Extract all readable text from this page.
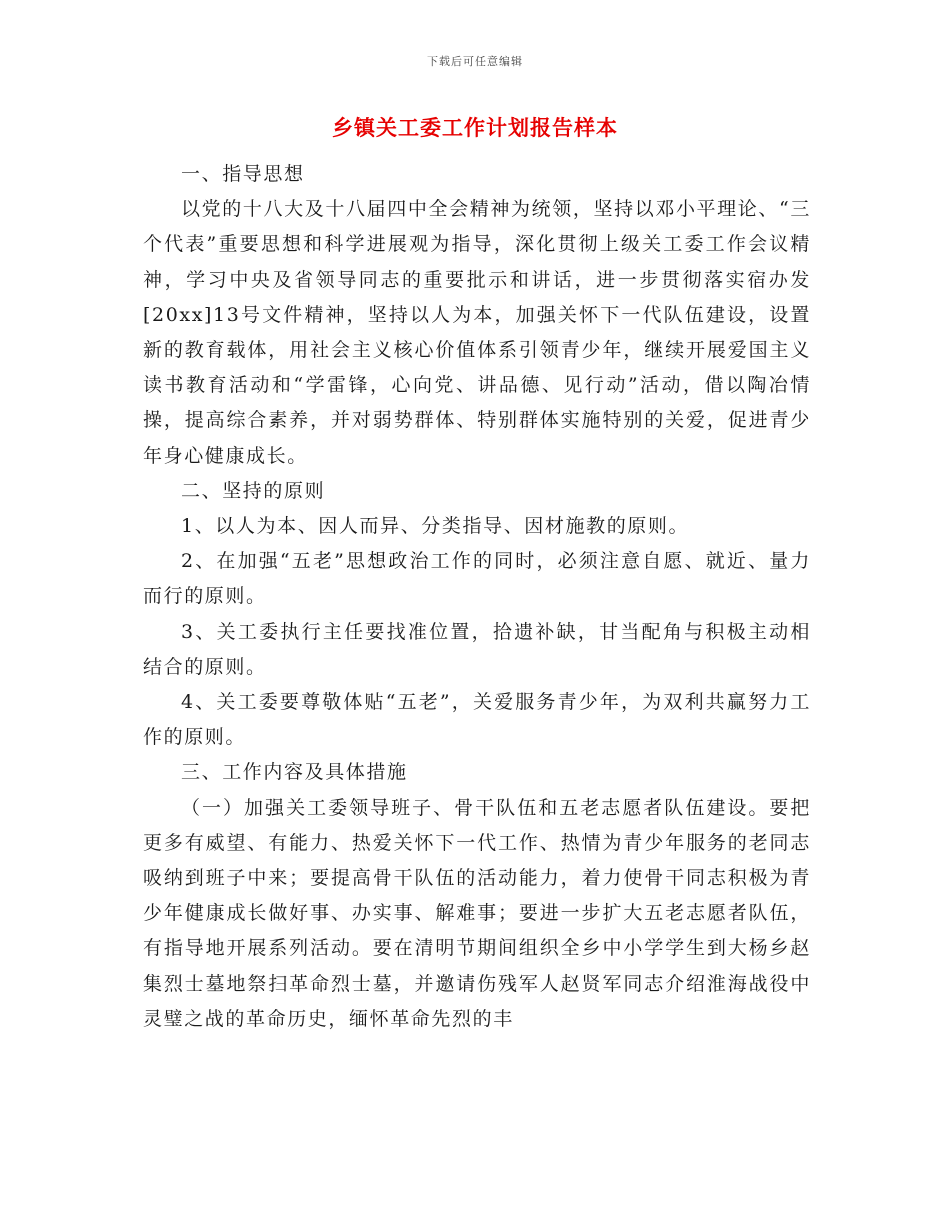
下载后可任意编辑
乡镇关工委工作计划报告样本

一、指导思想

以党的十八大及十八届四中全会精神为统领，坚持以邓小平理论、“三个代表”重要思想和科学进展观为指导，深化贯彻上级关工委工作会议精神，学习中央及省领导同志的重要批示和讲话，进一步贯彻落实宿办发[20xx]13号文件精神，坚持以人为本，加强关怀下一代队伍建设，设置新的教育载体，用社会主义核心价值体系引领青少年，继续开展爱国主义读书教育活动和“学雷锋，心向党、讲品德、见行动”活动，借以陶冶情操，提高综合素养，并对弱势群体、特别群体实施特别的关爱，促进青少年身心健康成长。

二、坚持的原则

1、以人为本、因人而异、分类指导、因材施教的原则。

2、在加强“五老”思想政治工作的同时，必须注意自愿、就近、量力而行的原则。

3、关工委执行主任要找准位置，拾遗补缺，甘当配角与积极主动相结合的原则。

4、关工委要尊敬体贴“五老”，关爱服务青少年，为双利共赢努力工作的原则。

三、工作内容及具体措施

（一）加强关工委领导班子、骨干队伍和五老志愿者队伍建设。要把更多有威望、有能力、热爱关怀下一代工作、热情为青少年服务的老同志吸纳到班子中来；要提高骨干队伍的活动能力，着力使骨干同志积极为青少年健康成长做好事、办实事、解难事；要进一步扩大五老志愿者队伍，有指导地开展系列活动。要在清明节期间组织全乡中小学学生到大杨乡赵集烈士墓地祭扫革命烈士墓，并邀请伤残军人赵贤军同志介绍淮海战役中灵璧之战的革命历史，缅怀革命先烈的丰
